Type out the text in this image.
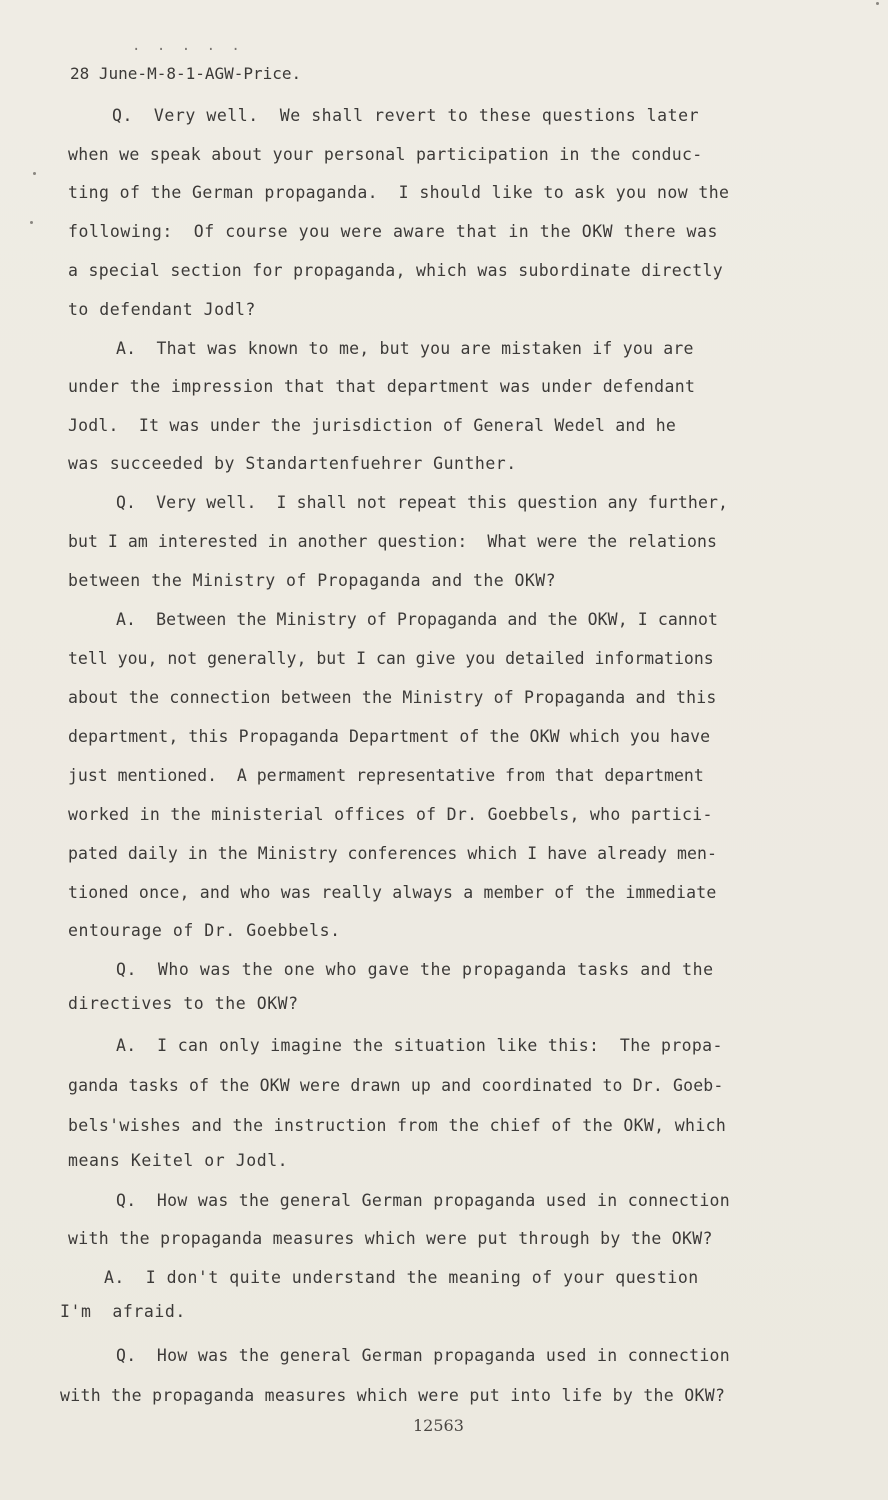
. . . . .
28 June-M-8-1-AGW-Price.
Q.  Very well.  We shall revert to these questions later
when we speak about your personal participation in the conduc-
ting of the German propaganda.  I should like to ask you now the
following:  Of course you were aware that in the OKW there was
a special section for propaganda, which was subordinate directly
to defendant Jodl?
A.  That was known to me, but you are mistaken if you are
under the impression that that department was under defendant
Jodl.  It was under the jurisdiction of General Wedel and he
was succeeded by Standartenfuehrer Gunther.
Q.  Very well.  I shall not repeat this question any further,
but I am interested in another question:  What were the relations
between the Ministry of Propaganda and the OKW?
A.  Between the Ministry of Propaganda and the OKW, I cannot
tell you, not generally, but I can give you detailed informations
about the connection between the Ministry of Propaganda and this
department, this Propaganda Department of the OKW which you have
just mentioned.  A permament representative from that department
worked in the ministerial offices of Dr. Goebbels, who partici-
pated daily in the Ministry conferences which I have already men-
tioned once, and who was really always a member of the immediate
entourage of Dr. Goebbels.
Q.  Who was the one who gave the propaganda tasks and the
directives to the OKW?
A.  I can only imagine the situation like this:  The propa-
ganda tasks of the OKW were drawn up and coordinated to Dr. Goeb-
bels'wishes and the instruction from the chief of the OKW, which
means Keitel or Jodl.
Q.  How was the general German propaganda used in connection
with the propaganda measures which were put through by the OKW?
A.  I don't quite understand the meaning of your question
I'm  afraid.
Q.  How was the general German propaganda used in connection
with the propaganda measures which were put into life by the OKW?
12563
